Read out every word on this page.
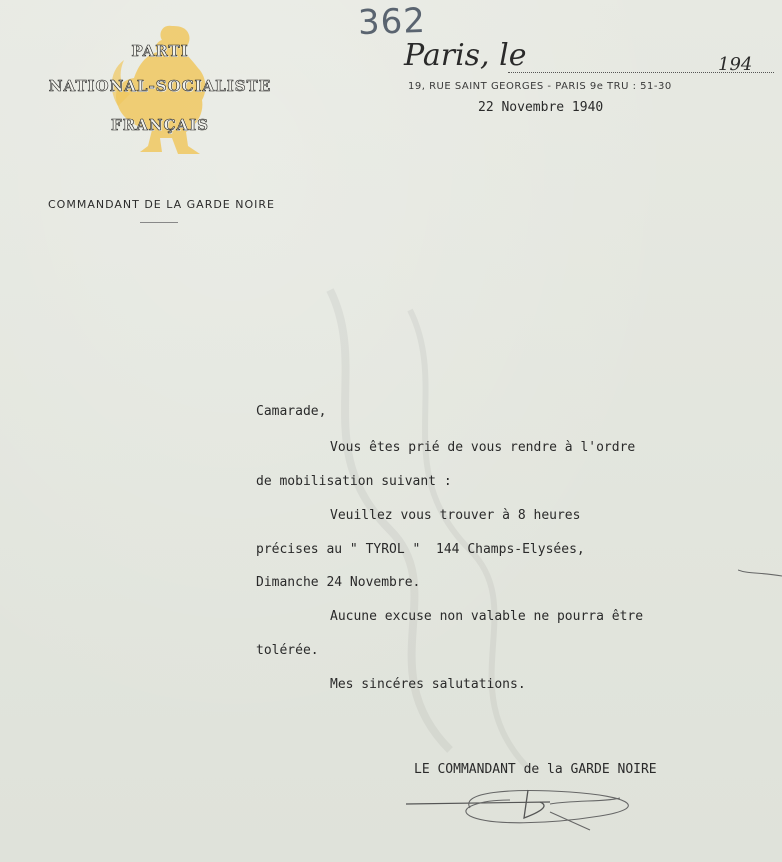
362
PARTI
NATIONAL-SOCIALISTE
FRANÇAIS
COMMANDANT DE LA GARDE NOIRE
Paris, le	194
19, RUE SAINT GEORGES - PARIS 9e TRU : 51-30
22 Novembre 1940
Camarade,
Vous êtes prié de vous rendre à l'ordre
de mobilisation suivant :
Veuillez vous trouver à 8 heures
précises au " TYROL "  144 Champs-Elysées,
Dimanche 24 Novembre.
Aucune excuse non valable ne pourra être
tolérée.
Mes sincéres salutations.
LE COMMANDANT de la GARDE NOIRE
